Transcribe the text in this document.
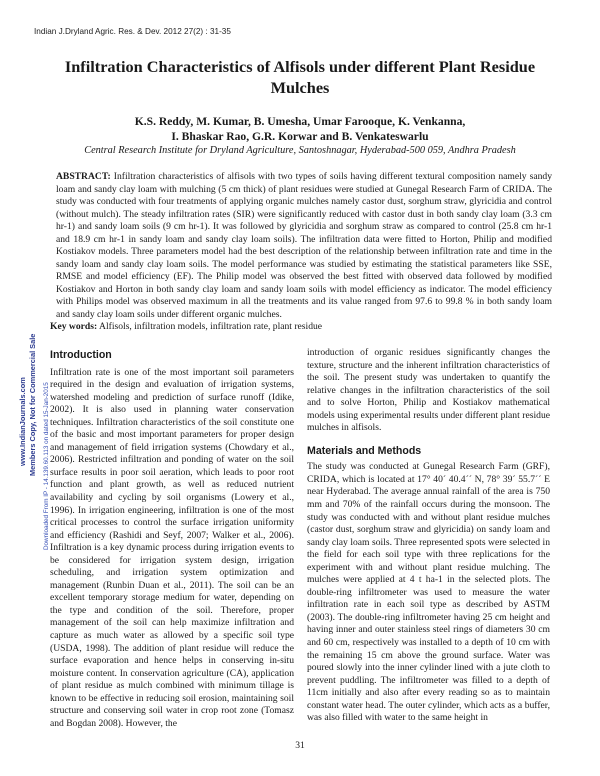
Indian J.Dryland Agric. Res. & Dev. 2012 27(2) : 31-35
Infiltration Characteristics of Alfisols under different Plant Residue Mulches
K.S. Reddy, M. Kumar, B. Umesha, Umar Farooque, K. Venkanna,
I. Bhaskar Rao, G.R. Korwar and B. Venkateswarlu
Central Research Institute for Dryland Agriculture, Santoshnagar, Hyderabad-500 059, Andhra Pradesh
ABSTRACT: Infiltration characteristics of alfisols with two types of soils having different textural composition namely sandy loam and sandy clay loam with mulching (5 cm thick) of plant residues were studied at Gunegal Research Farm of CRIDA. The study was conducted with four treatments of applying organic mulches namely castor dust, sorghum straw, glyricidia and control (without mulch). The steady infiltration rates (SIR) were significantly reduced with castor dust in both sandy clay loam (3.3 cm hr-1) and sandy loam soils (9 cm hr-1). It was followed by glyricidia and sorghum straw as compared to control (25.8 cm hr-1 and 18.9 cm hr-1 in sandy loam and sandy clay loam soils). The infiltration data were fitted to Horton, Philip and modified Kostiakov models. Three parameters model had the best description of the relationship between infiltration rate and time in the sandy loam and sandy clay loam soils. The model performance was studied by estimating the statistical parameters like SSE, RMSE and model efficiency (EF). The Philip model was observed the best fitted with observed data followed by modified Kostiakov and Horton in both sandy clay loam and sandy loam soils with model efficiency as indicator. The model efficiency with Philips model was observed maximum in all the treatments and its value ranged from 97.6 to 99.8 % in both sandy loam and sandy clay loam soils under different organic mulches.
Key words: Alfisols, infiltration models, infiltration rate, plant residue
Introduction

Infiltration rate is one of the most important soil parameters required in the design and evaluation of irrigation systems, watershed modeling and prediction of surface runoff (Idike, 2002). It is also used in planning water conservation techniques. Infiltration characteristics of the soil constitute one of the basic and most important parameters for proper design and management of field irrigation systems (Chowdary et al., 2006). Restricted infiltration and ponding of water on the soil surface results in poor soil aeration, which leads to poor root function and plant growth, as well as reduced nutrient availability and cycling by soil organisms (Lowery et al., 1996). In irrigation engineering, infiltration is one of the most critical processes to control the surface irrigation uniformity and efficiency (Rashidi and Seyf, 2007; Walker et al., 2006). Infiltration is a key dynamic process during irrigation events to be considered for irrigation system design, irrigation scheduling, and irrigation system optimization and management (Runbin Duan et al., 2011). The soil can be an excellent temporary storage medium for water, depending on the type and condition of the soil. Therefore, proper management of the soil can help maximize infiltration and capture as much water as allowed by a specific soil type (USDA, 1998). The addition of plant residue will reduce the surface evaporation and hence helps in conserving in-situ moisture content. In conservation agriculture (CA), application of plant residue as mulch combined with minimum tillage is known to be effective in reducing soil erosion, maintaining soil structure and conserving soil water in crop root zone (Tomasz and Bogdan 2008). However, the

introduction of organic residues significantly changes the texture, structure and the inherent infiltration characteristics of the soil. The present study was undertaken to quantify the relative changes in the infiltration characteristics of the soil and to solve Horton, Philip and Kostiakov mathematical models using experimental results under different plant residue mulches in alfisols.

Materials and Methods

The study was conducted at Gunegal Research Farm (GRF), CRIDA, which is located at 17° 40´ 40.4´´ N, 78° 39´ 55.7´´ E near Hyderabad. The average annual rainfall of the area is 750 mm and 70% of the rainfall occurs during the monsoon. The study was conducted with and without plant residue mulches (castor dust, sorghum straw and glyricidia) on sandy loam and sandy clay loam soils. Three represented spots were selected in the field for each soil type with three replications for the experiment with and without plant residue mulching. The mulches were applied at 4 t ha-1 in the selected plots. The double-ring infiltrometer was used to measure the water infiltration rate in each soil type as described by ASTM (2003). The double-ring infiltrometer having 25 cm height and having inner and outer stainless steel rings of diameters 30 cm and 60 cm, respectively was installed to a depth of 10 cm with the remaining 15 cm above the ground surface. Water was poured slowly into the inner cylinder lined with a jute cloth to prevent puddling. The infiltrometer was filled to a depth of 11cm initially and also after every reading so as to maintain constant water head. The outer cylinder, which acts as a buffer, was also filled with water to the same height in

31
www.IndianJournals.com Members Copy, Not for Commercial Sale Downloaded From IP - 14.139.60.113 on dated 15-Jan-2015
